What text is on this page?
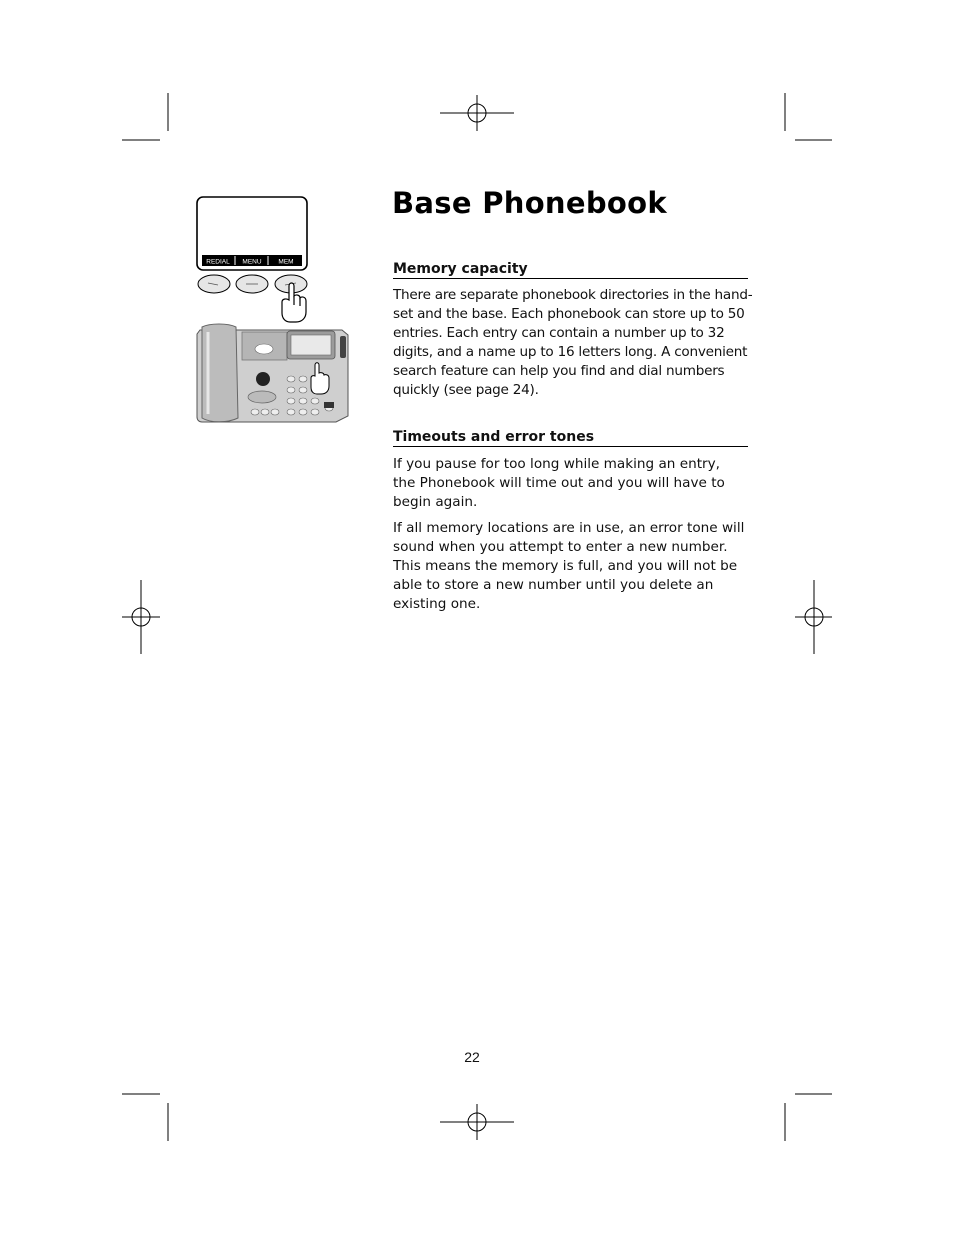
REDIAL MENU	MEM
Base Phonebook
Memory capacity
There are separate phonebook directories in the hand-set and the base. Each phonebook can store up to 50 entries. Each entry can contain a number up to 32 digits, and a name up to 16 letters long. A convenient search feature can help you find and dial numbers quickly (see page 24).
Timeouts and error tones
If you pause for too long while making an entry, the Phonebook will time out and you will have to begin again.
If all memory locations are in use, an error tone will sound when you attempt to enter a new number. This means the memory is full, and you will not be able to store a new number until you delete an existing one.
22
